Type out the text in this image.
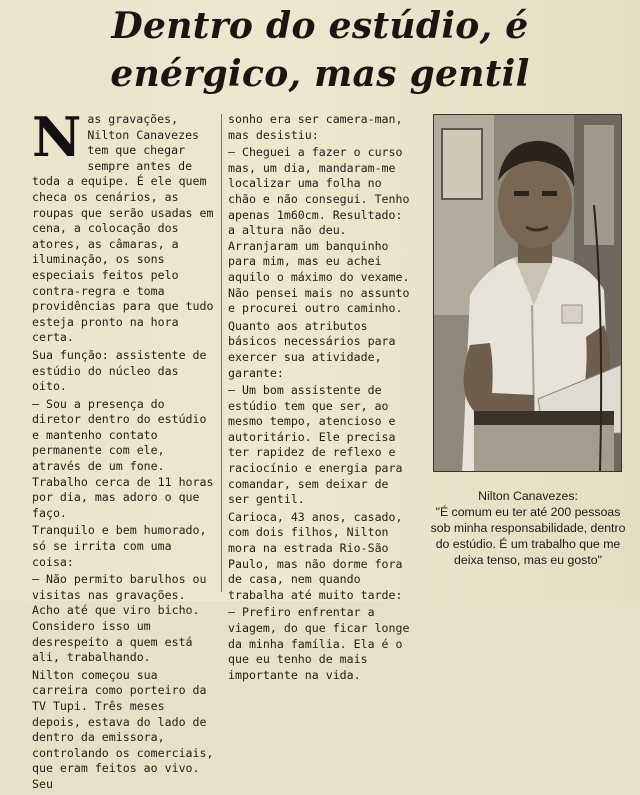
Dentro do estúdio, é
enérgico, mas gentil

N as gravações, Nilton Canavezes tem que chegar sempre antes de toda a equipe. É ele quem checa os cenários, as roupas que serão usadas em cena, a colocação dos atores, as câmaras, a iluminação, os sons especiais feitos pelo contra-regra e toma providências para que tudo esteja pronto na hora certa.

Sua função: assistente de estúdio do núcleo das oito.

— Sou a presença do diretor dentro do estúdio e mantenho contato permanente com ele, através de um fone. Trabalho cerca de 11 horas por dia, mas adoro o que faço.

Tranquilo e bem humorado, só se irrita com uma coisa:

— Não permito barulhos ou visitas nas gravações. Acho até que viro bicho. Considero isso um desrespeito a quem está ali, trabalhando.

Nilton começou sua carreira como porteiro da TV Tupi. Três meses depois, estava do lado de dentro da emissora, controlando os comerciais, que eram feitos ao vivo. Seu

sonho era ser camera-man, mas desistiu:

— Cheguei a fazer o curso mas, um dia, mandaram-me localizar uma folha no chão e não consegui. Tenho apenas 1m60cm. Resultado: a altura não deu. Arranjaram um banquinho para mim, mas eu achei aquilo o máximo do vexame. Não pensei mais no assunto e procurei outro caminho.

Quanto aos atributos básicos necessários para exercer sua atividade, garante:

— Um bom assistente de estúdio tem que ser, ao mesmo tempo, atencioso e autoritário. Ele precisa ter rapidez de reflexo e raciocínio e energia para comandar, sem deixar de ser gentil.

Carioca, 43 anos, casado, com dois filhos, Nilton mora na estrada Rio-São Paulo, mas não dorme fora de casa, nem quando trabalha até muito tarde:

— Prefiro enfrentar a viagem, do que ficar longe da minha família. Ela é o que eu tenho de mais importante na vida.

Nilton Canavezes:
"É comum eu ter até 200 pessoas sob minha responsabilidade, dentro do estúdio. É um trabalho que me deixa tenso, mas eu gosto"
